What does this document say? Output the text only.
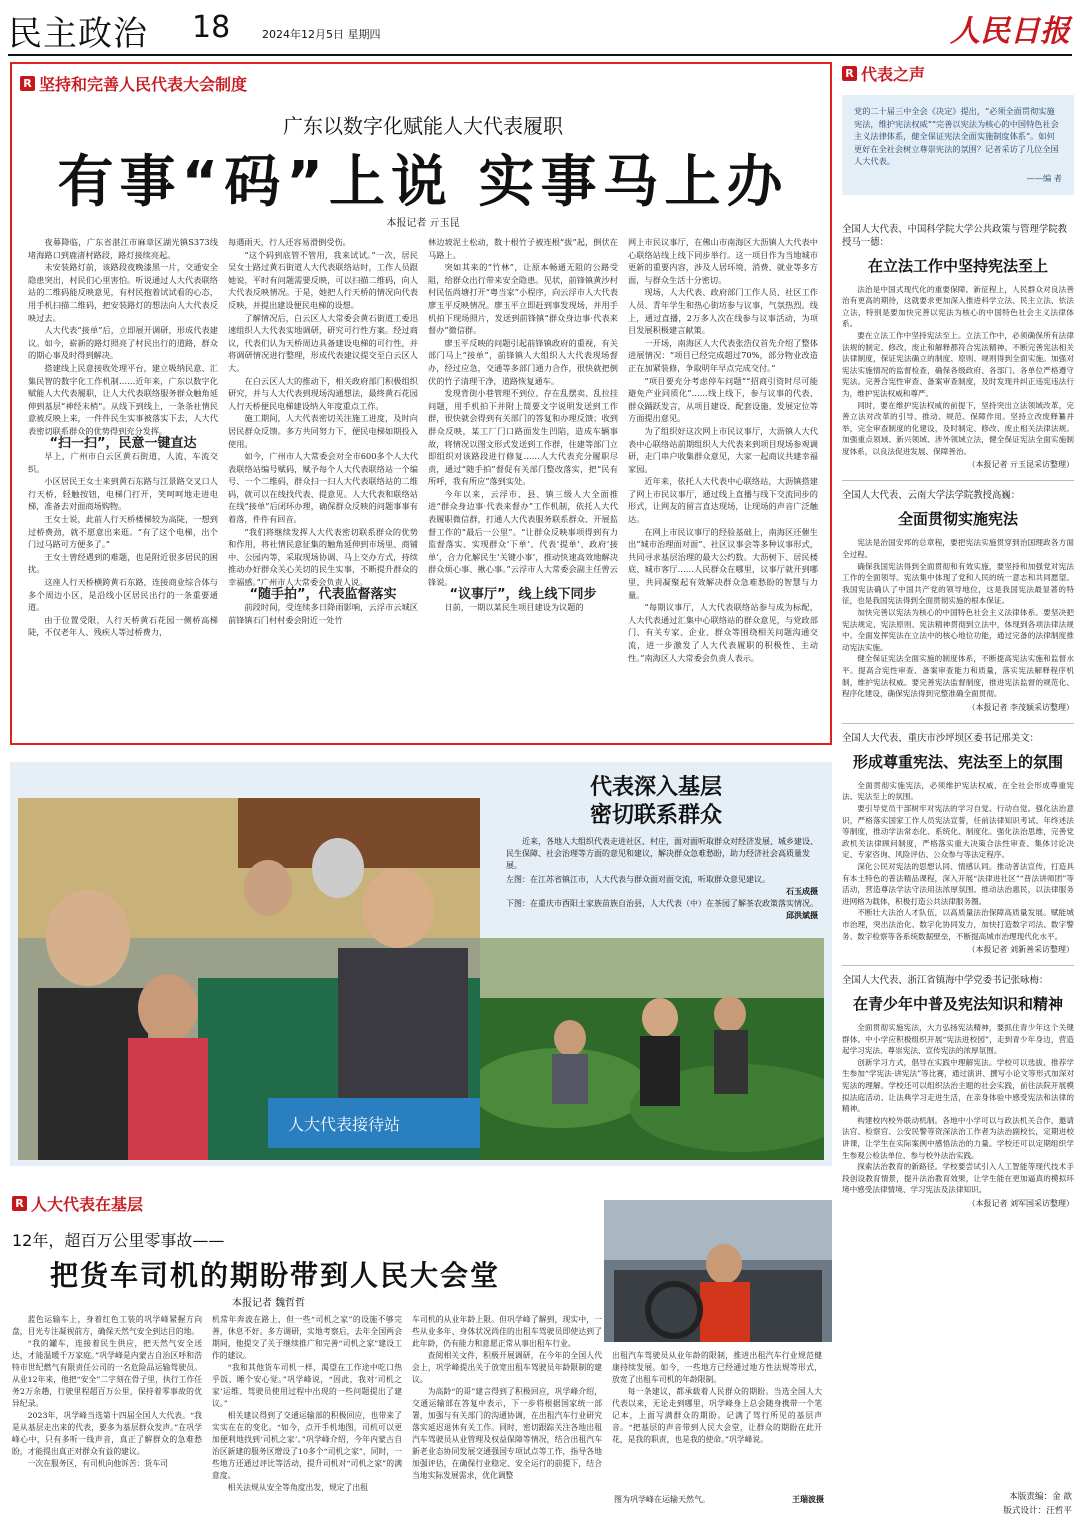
民主政治 18	2024年12月5日 星期四	人民日报
R 坚持和完善人民代表大会制度
广东以数字化赋能人大代表履职
有事“码”上说 实事马上办
本报记者 亓玉昆

夜幕降临，广东省湛江市麻章区湖光镇S373线堵海路口到鹿渚村路段，路灯接续亮起。

未安装路灯前，该路段夜晚漆黑一片，交通安全隐患突出，村民们心里害怕。听说通过人大代表联络站的二维码能反映意见，有村民抱着试试看的心态，用手机扫描二维码，把安装路灯的想法向人大代表反映过去。

人大代表“接单”后，立即展开调研，形成代表建议。如今，崭新的路灯照亮了村民出行的道路，群众的期心事及时得到解决。

搭建线上民意接收处理平台，建立吸纳民意、汇集民智的数字化工作机制……近年来，广东以数字化赋能人大代表履职，让人大代表联络服务群众触角延伸到基层“神经末梢”。从线下到线上，一条条社情民意被反映上来，一件件民生实事被落实下去，人大代表密切联系群众的优势得到充分发挥。

“扫一扫”，民意一键直达

早上，广州市白云区黄石街道，人流、车流交织。

小区居民王女士来到黄石东路与江景路交叉口人行天桥，轻触按钮，电梯门打开，笑呵呵地走进电梯，准备去对面商场购物。

王女士说，此前人行天桥楼梯较为高陡，一想到过桥费劲，就不愿意出来逛。“有了这个电梯，出个门过马路可方便多了。”

王女士曾经遇到的难题，也是附近很多居民的困扰。

这座人行天桥横跨黄石东路，连接商业综合体与多个周边小区，是沿线小区居民出行的一条重要通道。

由于位置受限，人行天桥黄石花园一侧桥高梯陡，不仅老年人、残疾人等过桥费力，

每遇雨天，行人还容易滑倒受伤。

“这个码到底管不管用，我来试试。”一次，居民吴女士路过黄石街道人大代表联络站时，工作人员跟她说，平时有问题需要反映，可以扫描二维码，向人大代表反映情况。于是，她把人行天桥的情况向代表反映，并提出建设便民电梯的设想。

了解情况后，白云区人大常委会黄石街道工委迅速组织人大代表实地调研，研究可行性方案。经过商议，代表们认为天桥周边具备建设电梯的可行性，并将调研情况进行整理，形成代表建议提交至白云区人大。

在白云区人大的推动下，相关政府部门积极组织研究，并与人大代表到现场沟通想法，最终黄石花园人行天桥便民电梯建设纳入年度重点工作。

施工期间，人大代表密切关注施工进度，及时向居民群众反馈。多方共同努力下，便民电梯如期投入使用。

如今，广州市人大常委会对全市600多个人大代表联络站编号赋码，赋予每个人大代表联络站一个编号、一个二维码，群众扫一扫人大代表联络站的二维码，就可以在线找代表、提意见。人大代表和联络站在线“接单”后闭环办理，确保群众反映的问题事事有着落，件件有回音。

“我们将继续发挥人大代表密切联系群众的优势和作用，将社情民意征集的触角延伸到市场里、商铺中、公园内等，采取现场协调、马上交办方式，持续推动办好群众关心关切的民生实事，不断提升群众的幸福感。”广州市人大常委会负责人说。

“随手拍”，代表监督落实

前段时间，受连续多日降雨影响，云浮市云城区前锋镇石门村村委会附近一处竹

林边坡泥土松动，数十根竹子被连根“拔”起，倒伏在马路上。

突如其来的“竹林”，让原本畅通无阻的公路受阻，给群众出行带来安全隐患。见状，前锋镇黄沙村村民伍尚塘打开“粤当家”小程序，向云浮市人大代表廖玉平反映情况。廖玉平立即赶到事发现场，并用手机拍下现场照片，发送到前锋镇“群众身边事·代表来督办”微信群。

廖玉平反映的问题引起前锋镇政府的重视，有关部门马上“接单”，前锋镇人大组织人大代表现场督办，经过应急，交通等多部门通力合作，很快就把倒伏的竹子清理干净，道路恢复通车。

发现背街小巷管理不到位、存在乱摆卖、乱拉挂问题，用手机拍下并附上简要文字说明发送到工作群，很快就会得到有关部门的答复和办理反馈；收到群众反映，某工厂门口路面发生凹陷，造成车辆事故，将情况以图文形式发送到工作群，住建等部门立即组织对该路段进行修复……人大代表充分履职尽责，通过“随手拍”督促有关部门整改落实，把“民有所呼，我有所应”落到实处。

今年以来，云浮市、县、镇三级人大全面推进“群众身边事·代表来督办”工作机制，依托人大代表履职微信群，打通人大代表服务联系群众、开展监督工作的“最后一公里”。“让群众反映事项得到有力监督落实、实现群众‘下单’、代表‘提单’、政府‘接单’，合力化解民生‘关键小事’，推动快速高效地解决群众烦心事、揪心事。”云浮市人大常委会副主任曾云锋说。

“议事厅”，线上线下同步

日前，一期以某民生项目建设为议题的

网上市民议事厅，在佛山市南海区大沥镇人大代表中心联络站线上线下同步举行。这一项目作为当地城市更新的重要内容，涉及人居环境、消费、就业等多方面，与群众生活十分密切。

现场，人大代表、政府部门工作人员、社区工作人员、青年学生和热心街坊参与议事，气氛热烈。线上，通过直播，2万多人次在线参与议事活动，为项目发展积极建言献策。

一开场，南海区人大代表张浩仪首先介绍了整体进展情况：“项目已经完成超过70%，部分物业改造正在加紧装修，争取明年早点完成交付。”

“项目要充分考虑停车问题”“招商引资时尽可能避免产业同质化”……线上线下，参与议事的代表、群众踊跃发言，从项目建设、配套设施、发展定位等方面提出意见。

为了组织好这次网上市民议事厅，大沥镇人大代表中心联络站前期组织人大代表来到项目现场参观调研，走门串户收集群众意见，大家一起商议共建幸福家园。

近年来，依托人大代表中心联络站，大沥镇搭建了网上市民议事厅，通过线上直播与线下交流同步的形式，让网友的留言直达现场，让现场的声音广泛触达。

在网上市民议事厅的经验基础上，南海区还催生出“城市治理面对面”、社区议事会等多种议事形式，共同寻求基层治理的最大公约数。大沥树下、居民楼底、城市客厅……人民群众在哪里，议事厅就开到哪里，共同凝聚起有效解决群众急难愁盼的智慧与力量。

“每期议事厅，人大代表联络站参与成为标配，人大代表通过汇集中心联络站的群众意见，与党政部门、有关专家、企业、群众等围绕相关问题沟通交流，进一步激发了人大代表履职的积极性、主动性。”南海区人大常委会负责人表示。

R 代表之声
党的二十届三中全会《决定》提出，“必须全面贯彻实施宪法，维护宪法权威”“完善以宪法为核心的中国特色社会主义法律体系，健全保证宪法全面实施制度体系”。如何更好在全社会树立尊崇宪法的氛围？记者采访了几位全国人大代表。
——编 者
全国人大代表、中国科学院大学公共政策与管理学院教授马一德：
在立法工作中坚持宪法至上

法治是中国式现代化的重要保障。新征程上，人民群众对良法善治有更高的期待，这就要求更加深入推进科学立法、民主立法、依法立法，特别是要加快完善以宪法为核心的中国特色社会主义法律体系。

要在立法工作中坚持宪法至上。立法工作中，必须确保所有法律法规的制定、修改、废止和解释都符合宪法精神。不断完善宪法相关法律制度，保证宪法确立的制度、原则、规则得到全面实施。加强对宪法实施情况的监督检查，确保各级政府、各部门、各单位严格遵守宪法。完善合宪性审查、备案审查制度，及时发现并纠正违宪违法行为，维护宪法权威和尊严。

同时，要在维护宪法权威的前提下，坚持突出立法领域改革，完善立法对改革的引导、推动、规范、保障作用。坚持立改废释纂并举，完全审查制度的化建设，及时制定、修改、废止相关法律法规。加强重点领域、新兴领域、涉外领域立法，健全保证宪法全面实施制度体系，以良法促进发展、保障善治。

（本报记者 亓玉昆采访整理）
全国人大代表、云南大学法学院教授高巍：
全面贯彻实施宪法

宪法是治国安邦的总章程，要把宪法实施贯穿到治国理政各方面全过程。

确保我国宪法得到全面贯彻和有效实施，要坚持和加强党对宪法工作的全面领导。宪法集中体现了党和人民的统一意志和共同愿望。我国宪法确认了中国共产党的领导地位，这是我国宪法最显著的特征，也是我国宪法得到全面贯彻实施的根本保证。

加快完善以宪法为核心的中国特色社会主义法律体系。要坚决把宪法规定、宪法原则、宪法精神贯彻到立法中，体现到各项法律法规中。全面发挥宪法在立法中的核心地位功能，通过完备的法律制度推动宪法实施。

健全保证宪法全面实施的制度体系，不断提高宪法实施和监督水平。提高合宪性审查、备案审查能力和质量，落实宪法解释程序机制，维护宪法权威。要完善宪法监督制度，推进宪法监督的规范化、程序化建设，确保宪法得到完整准确全面贯彻。

（本报记者 李茂颖采访整理）
全国人大代表、重庆市沙坪坝区委书记邢美文：
形成尊重宪法、宪法至上的氛围

全面贯彻实施宪法，必须维护宪法权威，在全社会形成尊重宪法、宪法至上的氛围。

要引导党员干部树牢对宪法的学习自觉、行动自觉。强化法治意识，严格落实国家工作人员宪法宣誓，任前法律知识考试、年终述法等制度，推动学法常态化、系统化、制度化。强化法治思维，完善党政机关法律顾问制度，严格落实重大决策合法性审查、集体讨论决定、专家咨询、风险评估、公众参与等法定程序。

深化公民对宪法的思想认同、情感认同。推动普法宣传，打造具有本土特色的普法精品课程，深入开展“法律进社区”“普法讲师团”等活动，营造尊法学法守法用法浓厚氛围。推动法治惠民，以法律服务进网格为载体，积极打造公共法律服务圈。

不断壮大法治人才队伍，以高质量法治保障高质量发展。赋能城市治理，突出法治化、数字化协同发力，加快打造数字司法、数字警务、数字检察等各系统数据壁垒，不断提高城市治理现代化水平。

（本报记者 刘新善采访整理）
全国人大代表、浙江省镇海中学党委书记张咏梅：
在青少年中普及宪法知识和精神

全面贯彻实施宪法，大力弘扬宪法精神，要抓住青少年这个关键群体。中小学应积极组织开展“宪法进校园”，走到青少年身边，营造起学习宪法、尊崇宪法、宣传宪法的浓厚氛围。

创新学习方式，倡导在实践中理解宪法。学校可以选拔、推荐学生参加“学宪法·讲宪法”等比赛，通过演讲、撰写小论文等形式加深对宪法的理解。学校还可以组织法治主题的社会实践，前往法院开展模拟法庭活动、让法典学习走进生活，在亲身体验中感受宪法和法律的精神。

构建校内校外联动机制。各地中小学可以与政法机关合作，邀请法官、检察官、公安民警等资深法治工作者为法治副校长，定期进校讲课，让学生在实际案例中感悟法治的力量。学校还可以定期组织学生参观公检法单位、参与校外法治实践。

探索法治教育的新路径。学校要尝试引入人工智能等现代技术手段创设教育情景，提升法治教育效果，让学生能在更加逼真的模拟环境中感受法律情境、学习宪法及法律知识。

（本报记者 刘军国采访整理）
人大代表接待站
代表深入基层
密切联系群众

近来，各地人大组织代表走进社区、村庄，面对面听取群众对经济发展、城乡建设、民生保障、社会治理等方面的意见和建议，解决群众急难愁盼，助力经济社会高质量发展。

左图：在江苏省镇江市，人大代表与群众面对面交流，听取群众意见建议。

石玉成摄

下图：在重庆市酉阳土家族苗族自治县，人大代表（中）在茶园了解茶农政策落实情况。

邱洪斌摄

R 人大代表在基层
12年，超百万公里零事故——
把货车司机的期盼带到人民大会堂
本报记者 魏哲哲

蓝色运输车上，身着红色工装的巩学峰紧握方向盘，目光专注凝视前方，确保天然气安全到达目的地。

“我的罐车，连接着民生供应，把天然气安全送达，才能温暖千万家庭。”巩学峰是内蒙古自治区呼和浩特市世纪燃气有限责任公司的一名危险品运输驾驶员。从业12年来，他把“安全”二字刻在骨子里，执行工作任务2万余趟，行驶里程超百万公里，保持着零事故的优异纪录。

2023年，巩学峰当选第十四届全国人大代表。“我是从基层走出来的代表，要多为基层群众发声。”在巩学峰心中，只有多听一线声音，真正了解群众的急难愁盼，才能提出真正对群众有益的建议。

一次在服务区，有司机向他诉苦：货车司

机常年奔波在路上，但一些“司机之家”的设施不够完善，休息不好。多方调研，实地考察后，去年全国两会期间，他提交了关于继续推广和完善“司机之家”建设工作的建议。

“我和其他货车司机一样，渴望在工作途中吃口热乎饭、睡个安心觉。”巩学峰说，“因此，我对‘司机之家’运维、驾驶员使用过程中出现的一些问题提出了建议。”

相关建议得到了交通运输部的积极回应，也带来了实实在在的变化。“如今，点开手机地图，司机可以更加便利地找到‘司机之家’。”巩学峰介绍，今年内蒙古自治区新建的服务区增设了10多个“司机之家”，同时，一些地方还通过评比等活动，提升司机对“司机之家”的满意度。

相关法规从安全等角度出发，规定了出租

车司机的从业年龄上限。但巩学峰了解到，现实中，一些从业多年、身体状况尚佳的出租车驾驶员即使达到了此年龄，仍有能力和意愿正常从事出租车行业。

查阅相关文件，积极开展调研，在今年的全国人代会上，巩学峰提出关于放宽出租车驾驶员年龄限制的建议。

为高龄“的哥”建言得到了积极回应，巩学峰介绍，交通运输部在答复中表示，下一步将根据国家统一部署，加强与有关部门的沟通协调，在出租汽车行业研究落实延迟退休有关工作。同时，密切跟踪关注各地出租汽车驾驶员从业管理及权益保障等情况，结合出租汽车新老业态协同发展交通强国专项试点等工作，指导各地加强评估，在确保行业稳定、安全运行的前提下，结合当地实际发展需求，优化调整

出租汽车驾驶员从业年龄的限制，推进出租汽车行业规范健康持续发展。如今，一些地方已经通过地方性法规等形式，放宽了出租车司机的年龄限制。

每一条建议，都承载着人民群众的期盼。当选全国人大代表以来，无论走到哪里，巩学峰身上总会随身携带一个笔记本，上面写满群众的期盼。记满了驾行所见的基层声音。“把基层的声音带到人民大会堂，让群众的期盼在此开花，是我的职责，也是我的使命。”巩学峰说。

图为巩学峰在运输天然气。	王瑞波摄	本版责编：金 歆
版式设计：汪哲平
